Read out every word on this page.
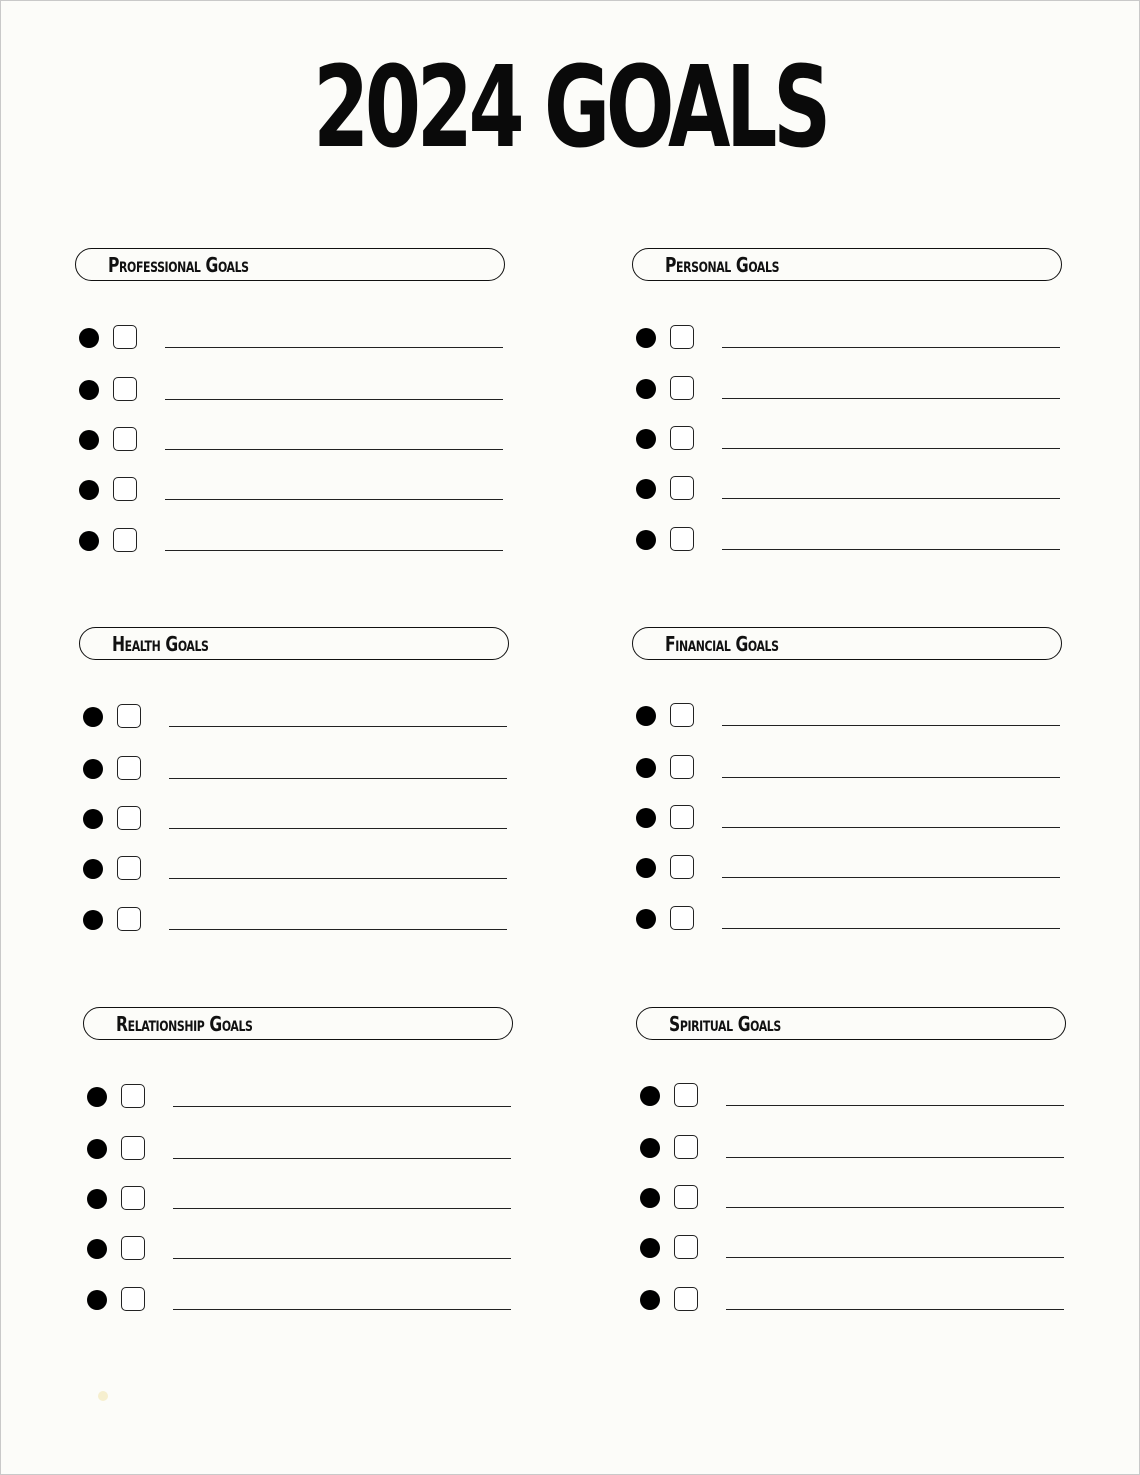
2024 GOALS
Professional Goals	Personal Goals
Health Goals	Financial Goals
Relationship Goals	Spiritual Goals
